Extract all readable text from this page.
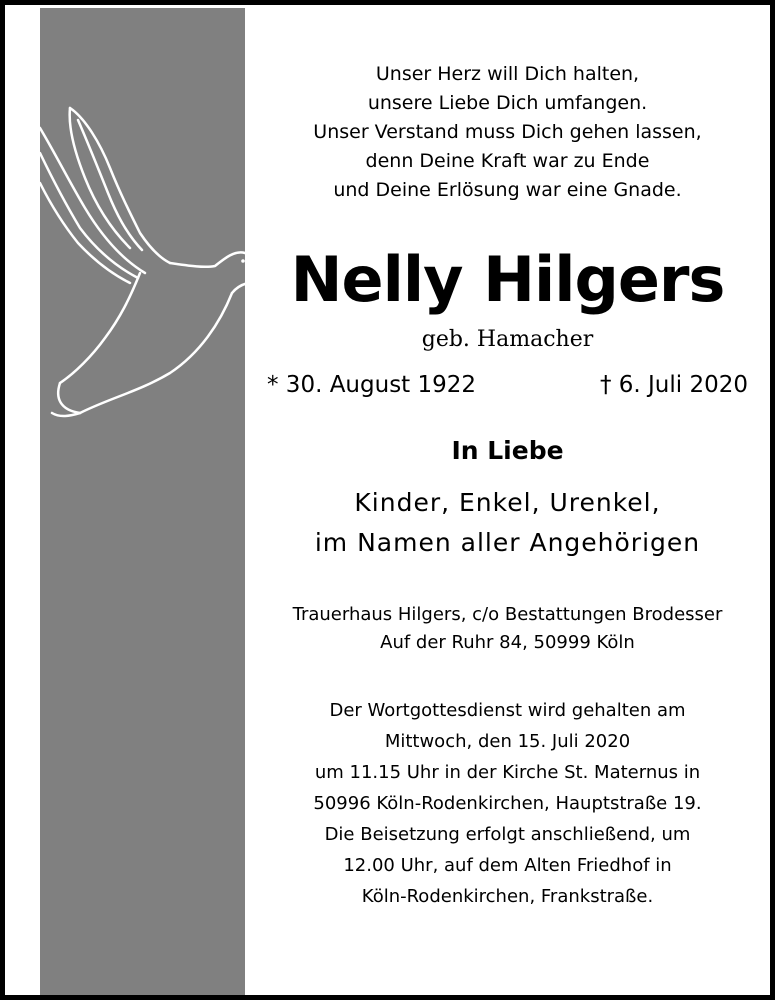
Unser Herz will Dich halten,
unsere Liebe Dich umfangen.
Unser Verstand muss Dich gehen lassen,
denn Deine Kraft war zu Ende
und Deine Erlösung war eine Gnade.
Nelly Hilgers
geb. Hamacher
* 30. August 1922	† 6. Juli 2020
In Liebe
Kinder, Enkel, Urenkel,
im Namen aller Angehörigen
Trauerhaus Hilgers, c/o Bestattungen Brodesser
Auf der Ruhr 84, 50999 Köln
Der Wortgottesdienst wird gehalten am
Mittwoch, den 15. Juli 2020
um 11.15 Uhr in der Kirche St. Maternus in
50996 Köln-Rodenkirchen, Hauptstraße 19.
Die Beisetzung erfolgt anschließend, um
12.00 Uhr, auf dem Alten Friedhof in
Köln-Rodenkirchen, Frankstraße.
